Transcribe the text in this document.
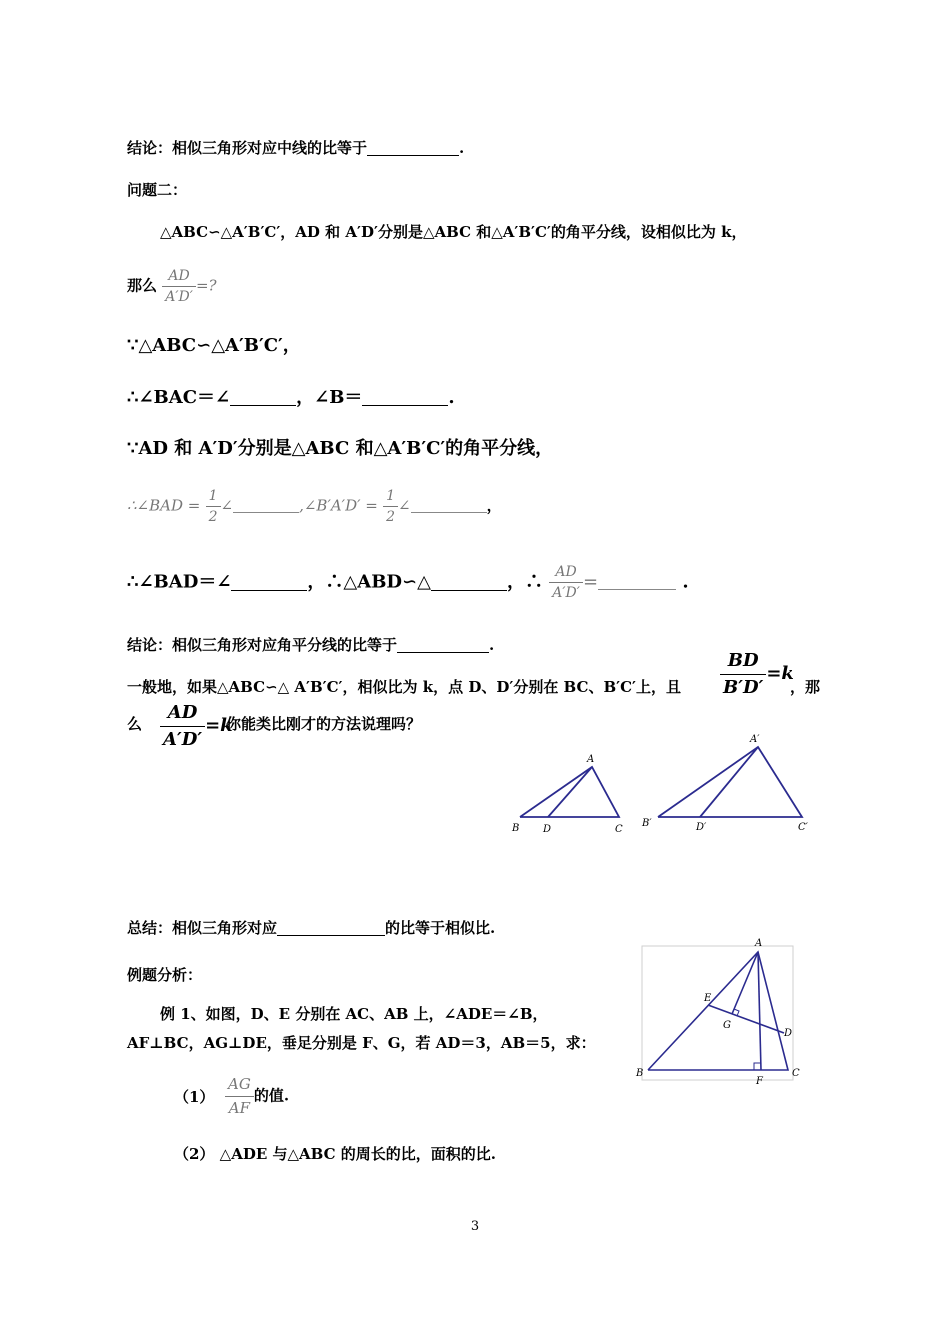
结论：相似三角形对应中线的比等于	.
问题二：
△ABC∽△A′B′C′，AD 和 A′D′分别是△ABC 和△A′B′C′的角平分线，设相似比为 k，
那么 $\frac{AD}{A'D'}$ =?
∵△ABC∽△A′B′C′，
∴∠BAC＝∠	，∠B＝	.
∵AD 和 A′D′分别是△ABC 和△A′B′C′的角平分线，
∴∠BAD = $\frac{1}{2}$ ∠	,∠B′A′D′ = $\frac{1}{2}$ ∠	，
∴∠BAD＝∠	，∴△ABD∽△	，∴ $\frac{AD}{A'D'}$ =	.
结论：相似三角形对应角平分线的比等于	.
一般地，如果△ABC∽△ A′B′C′，相似比为 k，点 D、D′分别在 BC、B′C′上，且 $\frac{BD}{B'D'} =k$
，那
么 $\frac{AD}{A'D'} =k$
你能类比刚才的方法说理吗？
A
B D	C
A′
B′	D′	C′
总结：相似三角形对应	的比等于相似比.
例题分析：
例 1、如图，D、E 分别在 AC、AB 上，∠ADE＝∠B，
AF⊥BC，AG⊥DE，垂足分别是 F、G，若 AD＝3，AB＝5，求：
$(1) \frac{AG}{AF}$ 的值.
（2） △ADE 与△ABC 的周长的比，面积的比.
A
B	C
D
E
F
G
3
